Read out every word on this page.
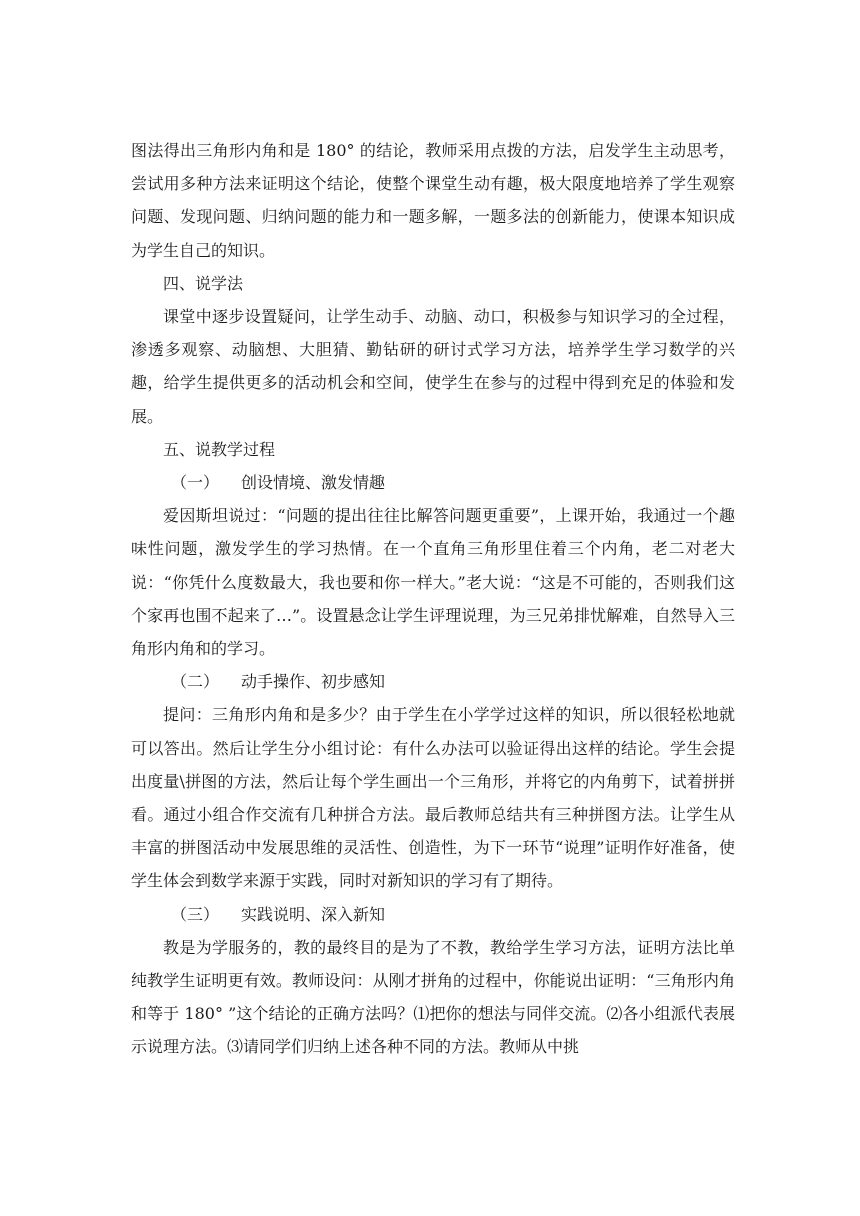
图法得出三角形内角和是 180° 的结论，教师采用点拨的方法，启发学生主动思考，尝试用多种方法来证明这个结论，使整个课堂生动有趣，极大限度地培养了学生观察问题、发现问题、归纳问题的能力和一题多解，一题多法的创新能力，使课本知识成为学生自己的知识。

四、说学法

课堂中逐步设置疑问，让学生动手、动脑、动口，积极参与知识学习的全过程，渗透多观察、动脑想、大胆猜、勤钻研的研讨式学习方法，培养学生学习数学的兴趣，给学生提供更多的活动机会和空间，使学生在参与的过程中得到充足的体验和发展。

五、说教学过程

（一） 创设情境、激发情趣

爱因斯坦说过：“问题的提出往往比解答问题更重要”，上课开始，我通过一个趣味性问题，激发学生的学习热情。在一个直角三角形里住着三个内角，老二对老大说：“你凭什么度数最大，我也要和你一样大。”老大说：“这是不可能的，否则我们这个家再也围不起来了…”。设置悬念让学生评理说理，为三兄弟排忧解难，自然导入三角形内角和的学习。

（二） 动手操作、初步感知

提问：三角形内角和是多少？由于学生在小学学过这样的知识，所以很轻松地就可以答出。然后让学生分小组讨论：有什么办法可以验证得出这样的结论。学生会提出度量\拼图的方法，然后让每个学生画出一个三角形，并将它的内角剪下，试着拼拼看。通过小组合作交流有几种拼合方法。最后教师总结共有三种拼图方法。让学生从丰富的拼图活动中发展思维的灵活性、创造性，为下一环节“说理”证明作好准备，使学生体会到数学来源于实践，同时对新知识的学习有了期待。

（三） 实践说明、深入新知

教是为学服务的，教的最终目的是为了不教，教给学生学习方法，证明方法比单纯教学生证明更有效。教师设问：从刚才拼角的过程中，你能说出证明：“三角形内角和等于 180° ”这个结论的正确方法吗？⑴把你的想法与同伴交流。⑵各小组派代表展示说理方法。⑶请同学们归纳上述各种不同的方法。教师从中挑
